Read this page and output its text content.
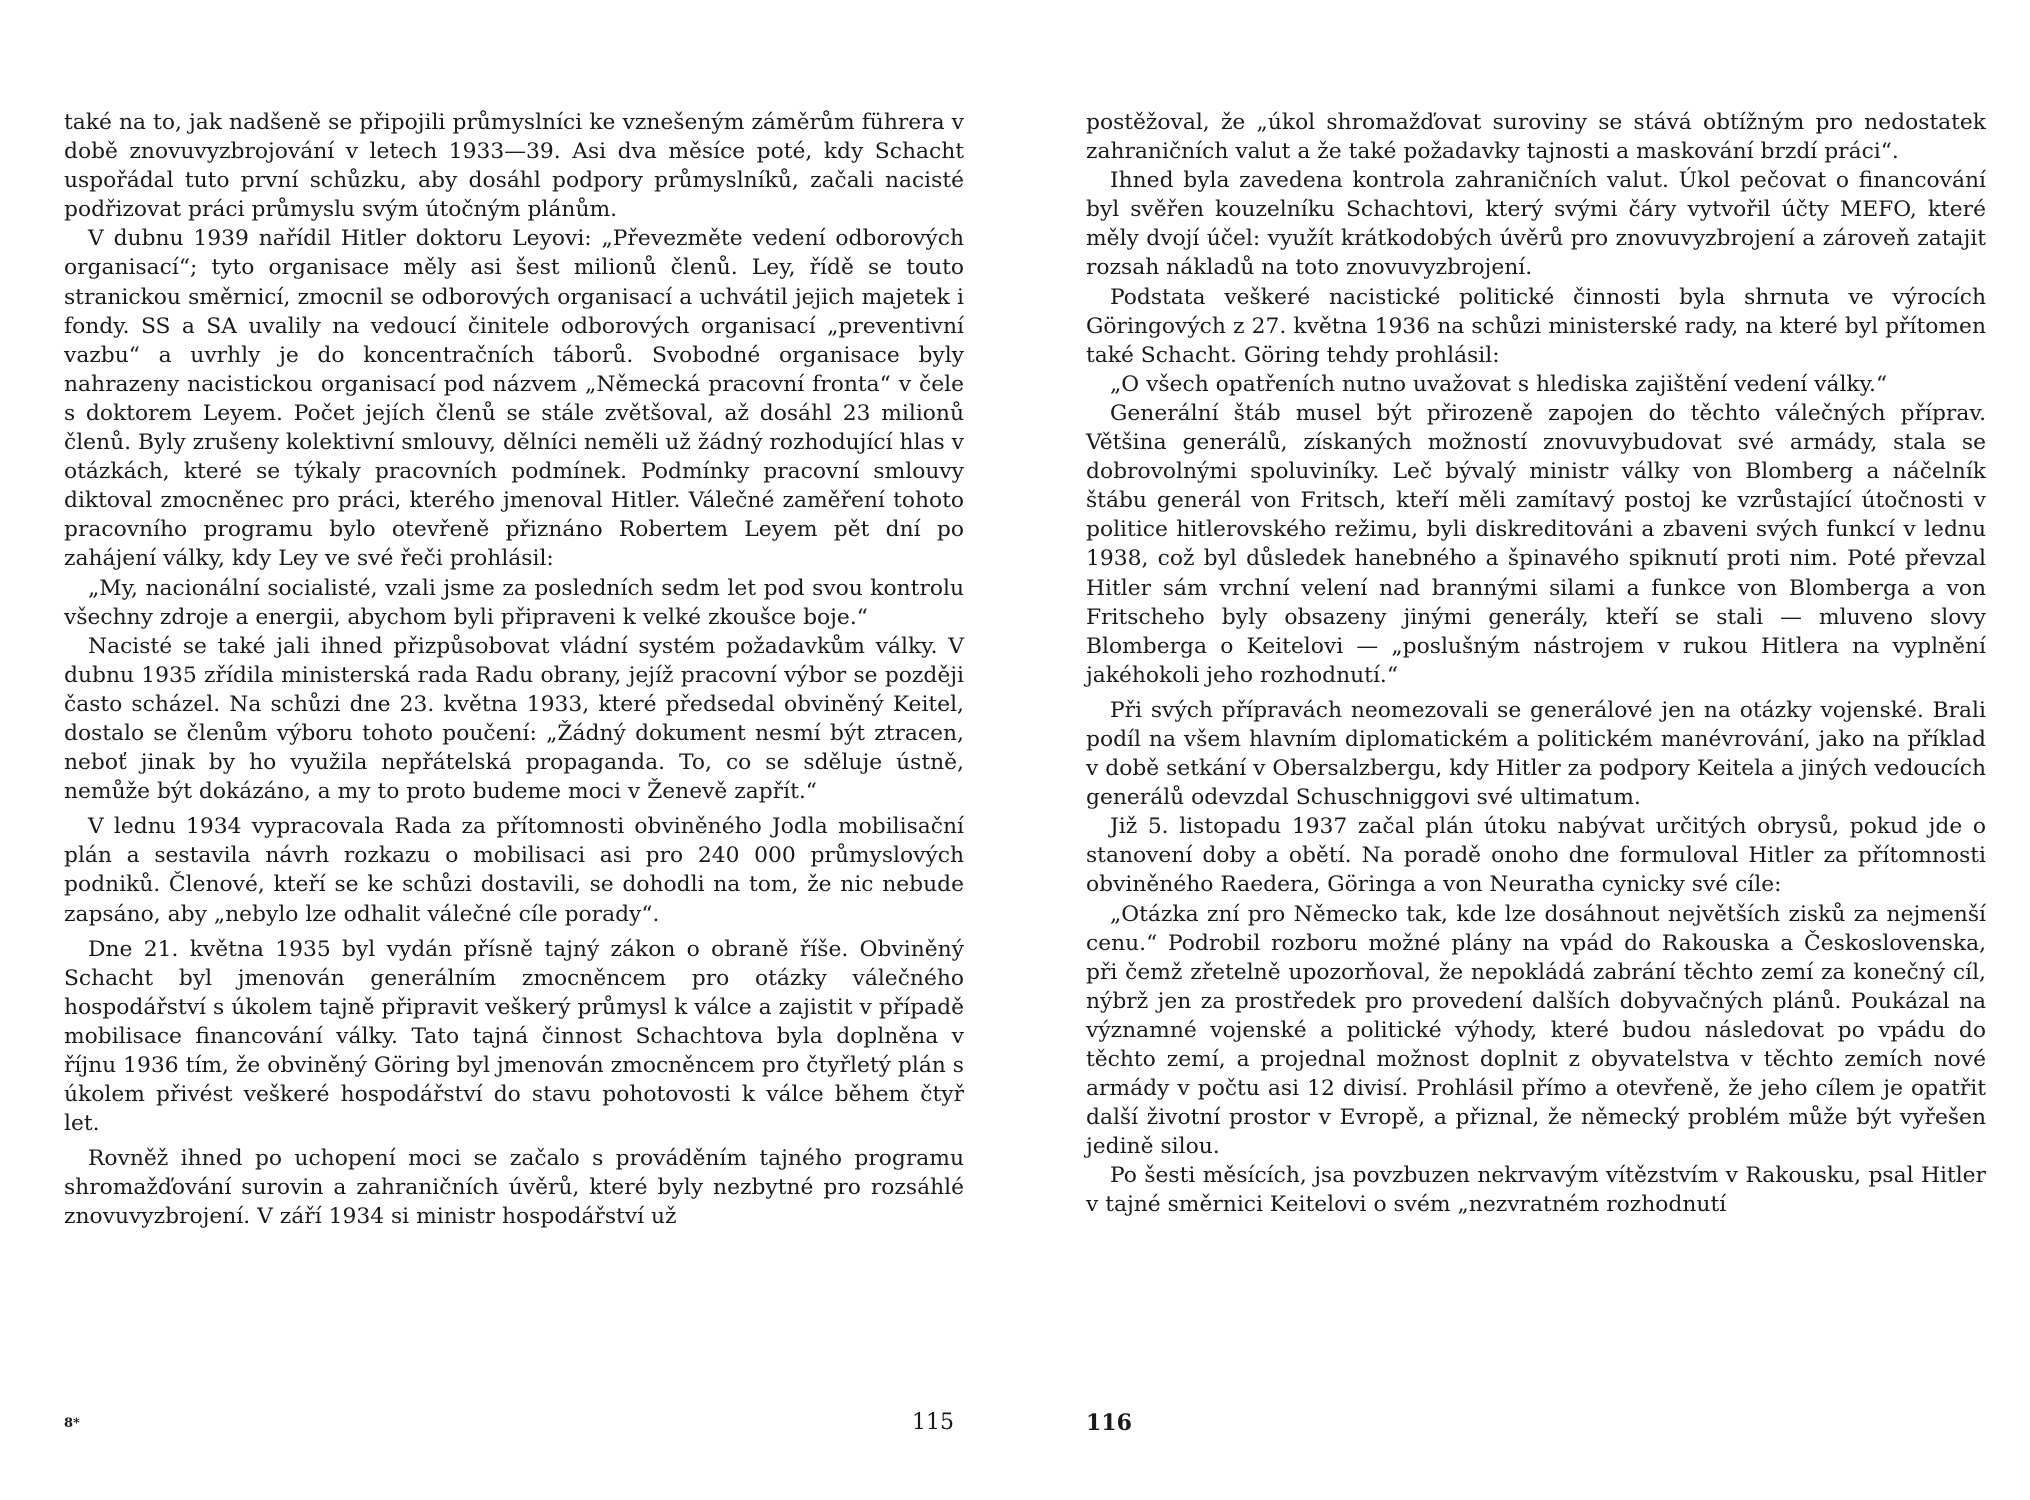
také na to, jak nadšeně se připojili průmyslníci ke vznešeným záměrům führera v době znovuvyzbrojování v letech 1933—39. Asi dva měsíce poté, kdy Schacht uspořádal tuto první schůzku, aby dosáhl podpory průmyslníků, začali nacisté podřizovat práci průmyslu svým útočným plánům.

V dubnu 1939 nařídil Hitler doktoru Leyovi: „Převezměte vedení odborových organisací“; tyto organisace měly asi šest milionů členů. Ley, řídě se touto stranickou směrnicí, zmocnil se odborových organisací a uchvátil jejich majetek i fondy. SS a SA uvalily na vedoucí činitele odborových organisací „preventivní vazbu“ a uvrhly je do koncentračních táborů. Svobodné organisace byly nahrazeny nacistickou organisací pod názvem „Německá pracovní fronta“ v čele s doktorem Leyem. Počet jejích členů se stále zvětšoval, až dosáhl 23 milionů členů. Byly zrušeny kolektivní smlouvy, dělníci neměli už žádný rozhodující hlas v otázkách, které se týkaly pracovních podmínek. Podmínky pracovní smlouvy diktoval zmocněnec pro práci, kterého jmenoval Hitler. Válečné zaměření tohoto pracovního programu bylo otevřeně přiznáno Robertem Leyem pět dní po zahájení války, kdy Ley ve své řeči prohlásil:

„My, nacionální socialisté, vzali jsme za posledních sedm let pod svou kontrolu všechny zdroje a energii, abychom byli připraveni k velké zkoušce boje.“

Nacisté se také jali ihned přizpůsobovat vládní systém požadavkům války. V dubnu 1935 zřídila ministerská rada Radu obrany, jejíž pracovní výbor se později často scházel. Na schůzi dne 23. května 1933, které předsedal obviněný Keitel, dostalo se členům výboru tohoto poučení: „Žádný dokument nesmí být ztracen, neboť jinak by ho využila nepřátelská propaganda. To, co se sděluje ústně, nemůže být dokázáno, a my to proto budeme moci v Ženevě zapřít.“

V lednu 1934 vypracovala Rada za přítomnosti obviněného Jodla mobilisační plán a sestavila návrh rozkazu o mobilisaci asi pro 240 000 průmyslových podniků. Členové, kteří se ke schůzi dostavili, se dohodli na tom, že nic nebude zapsáno, aby „nebylo lze odhalit válečné cíle porady“.

Dne 21. května 1935 byl vydán přísně tajný zákon o obraně říše. Obviněný Schacht byl jmenován generálním zmocněncem pro otázky válečného hospodářství s úkolem tajně připravit veškerý průmysl k válce a zajistit v případě mobilisace financování války. Tato tajná činnost Schachtova byla doplněna v říjnu 1936 tím, že obviněný Göring byl jmenován zmocněncem pro čtyřletý plán s úkolem přivést veškeré hospodářství do stavu pohotovosti k válce během čtyř let.

Rovněž ihned po uchopení moci se začalo s prováděním tajného programu shromažďování surovin a zahraničních úvěrů, které byly nezbytné pro rozsáhlé znovuvyzbrojení. V září 1934 si ministr hospodářství už

postěžoval, že „úkol shromažďovat suroviny se stává obtížným pro nedostatek zahraničních valut a že také požadavky tajnosti a maskování brzdí práci“.

Ihned byla zavedena kontrola zahraničních valut. Úkol pečovat o financování byl svěřen kouzelníku Schachtovi, který svými čáry vytvořil účty MEFO, které měly dvojí účel: využít krátkodobých úvěrů pro znovuvyzbrojení a zároveň zatajit rozsah nákladů na toto znovuvyzbrojení.

Podstata veškeré nacistické politické činnosti byla shrnuta ve výrocích Göringových z 27. května 1936 na schůzi ministerské rady, na které byl přítomen také Schacht. Göring tehdy prohlásil:

„O všech opatřeních nutno uvažovat s hlediska zajištění vedení války.“

Generální štáb musel být přirozeně zapojen do těchto válečných příprav. Většina generálů, získaných možností znovuvybudovat své armády, stala se dobrovolnými spoluviníky. Leč bývalý ministr války von Blomberg a náčelník štábu generál von Fritsch, kteří měli zamítavý postoj ke vzrůstající útočnosti v politice hitlerovského režimu, byli diskreditováni a zbaveni svých funkcí v lednu 1938, což byl důsledek hanebného a špinavého spiknutí proti nim. Poté převzal Hitler sám vrchní velení nad brannými silami a funkce von Blomberga a von Fritscheho byly obsazeny jinými generály, kteří se stali — mluveno slovy Blomberga o Keitelovi — „poslušným nástrojem v rukou Hitlera na vyplnění jakéhokoli jeho rozhodnutí.“

Při svých přípravách neomezovali se generálové jen na otázky vojenské. Brali podíl na všem hlavním diplomatickém a politickém manévrování, jako na příklad v době setkání v Obersalzbergu, kdy Hitler za podpory Keitela a jiných vedoucích generálů odevzdal Schuschniggovi své ultimatum.

Již 5. listopadu 1937 začal plán útoku nabývat určitých obrysů, pokud jde o stanovení doby a obětí. Na poradě onoho dne formuloval Hitler za přítomnosti obviněného Raedera, Göringa a von Neuratha cynicky své cíle:

„Otázka zní pro Německo tak, kde lze dosáhnout největších zisků za nejmenší cenu.“ Podrobil rozboru možné plány na vpád do Rakouska a Československa, při čemž zřetelně upozorňoval, že nepokládá zabrání těchto zemí za konečný cíl, nýbrž jen za prostředek pro provedení dalších dobyvačných plánů. Poukázal na významné vojenské a politické výhody, které budou následovat po vpádu do těchto zemí, a projednal možnost doplnit z obyvatelstva v těchto zemích nové armády v počtu asi 12 divisí. Prohlásil přímo a otevřeně, že jeho cílem je opatřit další životní prostor v Evropě, a přiznal, že německý problém může být vyřešen jedině silou.

Po šesti měsících, jsa povzbuzen nekrvavým vítězstvím v Rakousku, psal Hitler v tajné směrnici Keitelovi o svém „nezvratném rozhodnutí

8*	115	116
